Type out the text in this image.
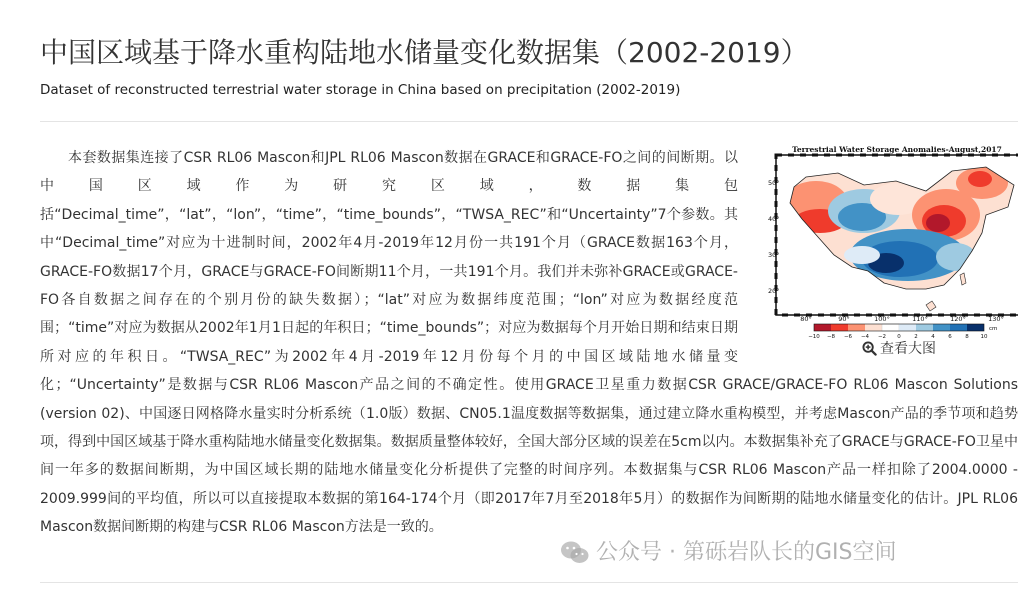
中国区域基于降水重构陆地水储量变化数据集（2002-2019）
Dataset of reconstructed terrestrial water storage in China based on precipitation (2002-2019)
Terrestrial Water Storage Anomalies-August,2017
50°
40°
30°
20°
80°	90°	100°	110°	120°	130°
cm
−10 −8 −6 −4 −2 0 2 4 6 8 10
查看大图

本套数据集连接了CSR RL06 Mascon和JPL RL06 Mascon数据在GRACE和GRACE-FO之间的间断期。以中国区域作为研究区域，数据集包括“Decimal_time”，“lat”，“lon”，“time”，“time_bounds”，“TWSA_REC”和“Uncertainty”7个参数。其中“Decimal_time”对应为十进制时间，2002年4月-2019年12月份一共191个月（GRACE数据163个月，GRACE-FO数据17个月，GRACE与GRACE-FO间断期11个月，一共191个月。我们并未弥补GRACE或GRACE-FO各自数据之间存在的个别月份的缺失数据）；“lat”对应为数据纬度范围；“lon”对应为数据经度范围；“time”对应为数据从2002年1月1日起的年积日；“time_bounds”；对应为数据每个月开始日期和结束日期所对应的年积日。“TWSA_REC”为2002年4月-2019年12月份每个月的中国区域陆地水储量变化；“Uncertainty”是数据与CSR RL06 Mascon产品之间的不确定性。使用GRACE卫星重力数据CSR GRACE/GRACE-FO RL06 Mascon Solutions (version 02)、中国逐日网格降水量实时分析系统（1.0版）数据、CN05.1温度数据等数据集，通过建立降水重构模型，并考虑Mascon产品的季节项和趋势项，得到中国区域基于降水重构陆地水储量变化数据集。数据质量整体较好，全国大部分区域的误差在5cm以内。本数据集补充了GRACE与GRACE-FO卫星中间一年多的数据间断期，为中国区域长期的陆地水储量变化分析提供了完整的时间序列。本数据集与CSR RL06 Mascon产品一样扣除了2004.0000 - 2009.999间的平均值，所以可以直接提取本数据的第164-174个月（即2017年7月至2018年5月）的数据作为间断期的陆地水储量变化的估计。JPL RL06 Mascon数据间断期的构建与CSR RL06 Mascon方法是一致的。

公众号 · 第砾岩队长的GIS空间
